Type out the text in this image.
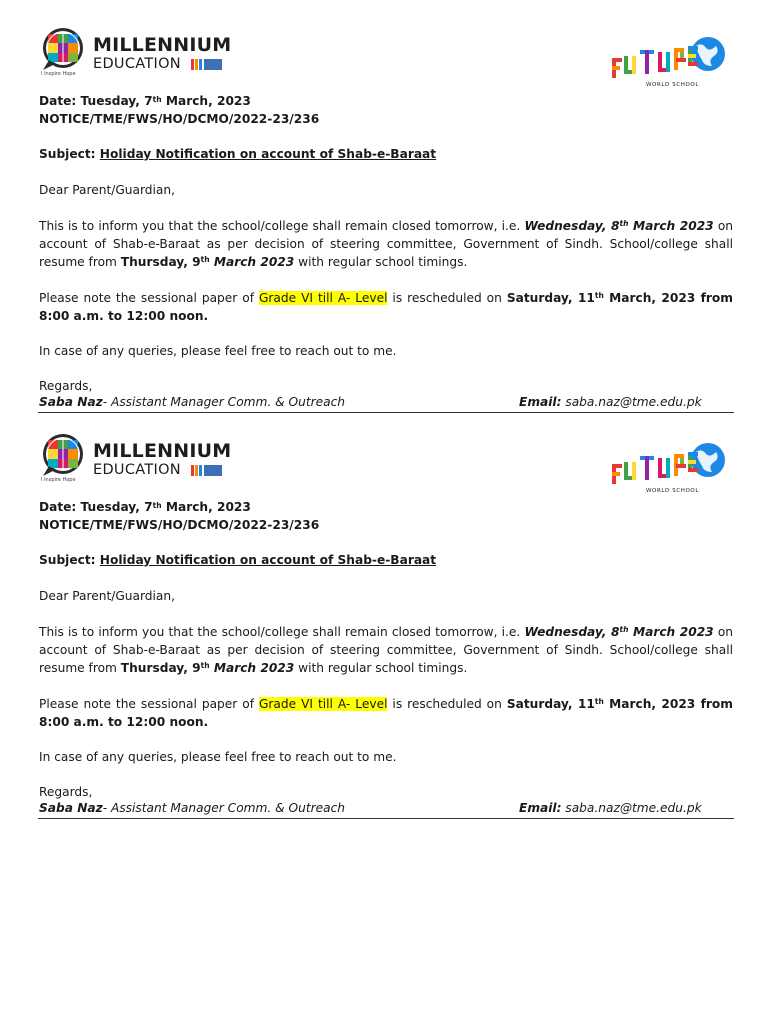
MILLENNIUM
EDUCATION
I Inspire Hope
WORLD SCHOOL
Date: Tuesday, 7th March, 2023
NOTICE/TME/FWS/HO/DCMO/2022-23/236
Subject: Holiday Notification on account of Shab-e-Baraat
Dear Parent/Guardian,
This is to inform you that the school/college shall remain closed tomorrow, i.e. Wednesday, 8th March 2023 on account of Shab-e-Baraat as per decision of steering committee, Government of Sindh. School/college shall resume from Thursday, 9th March 2023 with regular school timings.
Please note the sessional paper of Grade VI till A- Level is rescheduled on Saturday, 11th March, 2023 from 8:00 a.m. to 12:00 noon.
In case of any queries, please feel free to reach out to me.
Regards,
Saba Naz- Assistant Manager Comm. & Outreach	Email: saba.naz@tme.edu.pk
MILLENNIUM
EDUCATION
I Inspire Hope
WORLD SCHOOL
Date: Tuesday, 7th March, 2023
NOTICE/TME/FWS/HO/DCMO/2022-23/236
Subject: Holiday Notification on account of Shab-e-Baraat
Dear Parent/Guardian,
This is to inform you that the school/college shall remain closed tomorrow, i.e. Wednesday, 8th March 2023 on account of Shab-e-Baraat as per decision of steering committee, Government of Sindh. School/college shall resume from Thursday, 9th March 2023 with regular school timings.
Please note the sessional paper of Grade VI till A- Level is rescheduled on Saturday, 11th March, 2023 from 8:00 a.m. to 12:00 noon.
In case of any queries, please feel free to reach out to me.
Regards,
Saba Naz- Assistant Manager Comm. & Outreach	Email: saba.naz@tme.edu.pk
